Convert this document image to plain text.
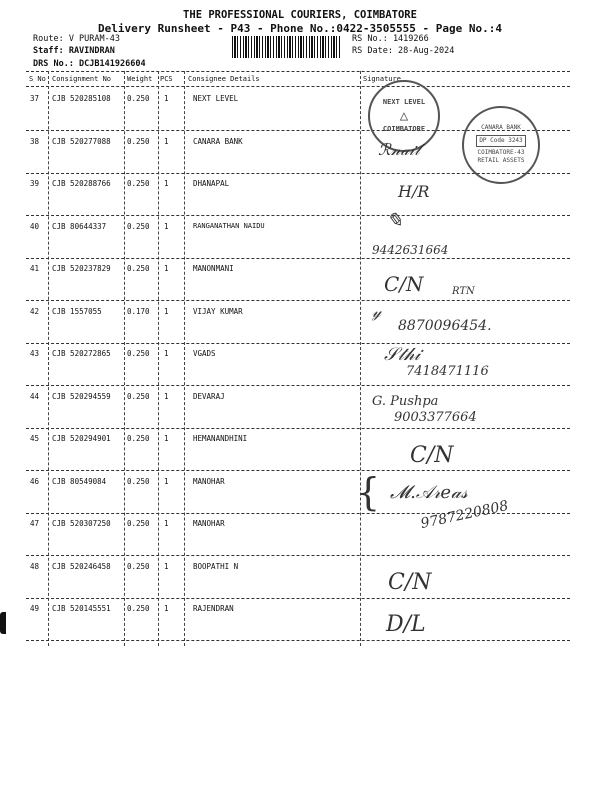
THE PROFESSIONAL COURIERS, COIMBATORE
Delivery Runsheet - P43 - Phone No.:0422-3505555 - Page No.:4
Route: V PURAM-43
Staff: RAVINDRAN
DRS No.: DCJB141926604
RS No.: 1419266
RS Date: 28-Aug-2024
S No Consignment No Weight PCS Consignee Details	Signature
37 CJB 520285108 0.250 1	NEXT LEVEL
38 CJB 520277088 0.250 1	CANARA BANK
39 CJB 520288766 0.250 1	DHANAPAL
40 CJB 80644337	0.250 1	RANGANATHAN NAIDU
41 CJB 520237829 0.250 1	MANONMANI
42 CJB 1557055	0.170 1	VIJAY KUMAR
43 CJB 520272865 0.250 1	VGADS
44 CJB 520294559 0.250 1	DEVARAJ
45 CJB 520294901 0.250 1	HEMANANDHINI
46 CJB 80549084	0.250 1	MANOHAR
47 CJB 520307250 0.250 1	MANOHAR
48 CJB 520246458 0.250 1	BOOPATHI N
49 CJB 520145551 0.250 1	RAJENDRAN
NEXT LEVEL
△
COIMBATORE	CANARA BANK
DP Code 3243
COIMBATORE-43
RETAIL ASSETS
ℛ𝓃𝒶𝒾𝓁
H/R
✎
9442631664
C/N	RTN
𝓎
8870096454.
𝒮𝓉𝒽𝒾
7418471116
G. Pushpa
9003377664
C/N
{ 𝓜.𝒜𝓇𝑒𝒶𝓈
9787220808
C/N
D/L
